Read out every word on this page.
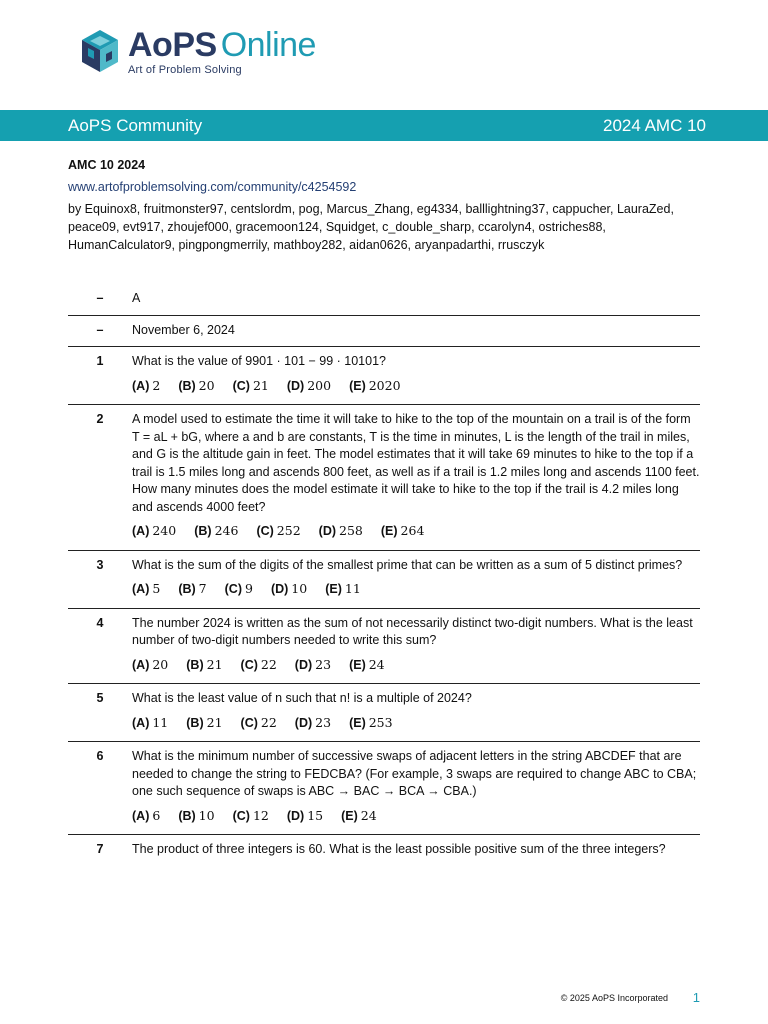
AoPS Online
Art of Problem Solving
AoPS Community	2024 AMC 10
AMC 10 2024
www.artofproblemsolving.com/community/c4254592
by Equinox8, fruitmonster97, centslordm, pog, Marcus_Zhang, eg4334, balllightning37, cappucher, LauraZed, peace09, evt917, zhoujef000, gracemoon124, Squidget, c_double_sharp, ccarolyn4, ostriches88, HumanCalculator9, pingpongmerrily, mathboy282, aidan0626, aryanpadarthi, rrusczyk
–	A

–	November 6, 2024

1	What is the value of 9901 · 101 − 99 · 10101?

(A) 2 (B) 20 (C) 21 (D) 200 (E) 2020
2	A model used to estimate the time it will take to hike to the top of the mountain on a trail is of the form T = aL + bG, where a and b are constants, T is the time in minutes, L is the length of the trail in miles, and G is the altitude gain in feet. The model estimates that it will take 69 minutes to hike to the top if a trail is 1.5 miles long and ascends 800 feet, as well as if a trail is 1.2 miles long and ascends 1100 feet. How many minutes does the model estimate it will take to hike to the top if the trail is 4.2 miles long and ascends 4000 feet?

(A) 240 (B) 246 (C) 252 (D) 258 (E) 264
3	What is the sum of the digits of the smallest prime that can be written as a sum of 5 distinct primes?

(A) 5 (B) 7 (C) 9 (D) 10 (E) 11
4	The number 2024 is written as the sum of not necessarily distinct two-digit numbers. What is the least number of two-digit numbers needed to write this sum?

(A) 20 (B) 21 (C) 22 (D) 23 (E) 24
5	What is the least value of n such that n! is a multiple of 2024?

(A) 11 (B) 21 (C) 22 (D) 23 (E) 253
6	What is the minimum number of successive swaps of adjacent letters in the string ABCDEF that are needed to change the string to FEDCBA? (For example, 3 swaps are required to change ABC to CBA; one such sequence of swaps is ABC → BAC → BCA → CBA.)

(A) 6 (B) 10 (C) 12 (D) 15 (E) 24
7	The product of three integers is 60. What is the least possible positive sum of the three integers?

© 2025 AoPS Incorporated 1
